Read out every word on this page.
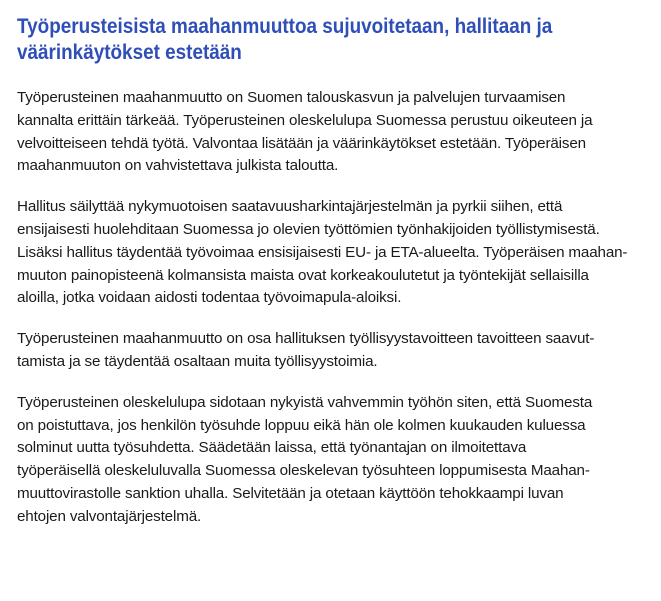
Työperusteisista maahanmuuttoa sujuvoitetaan, hallitaan ja
väärinkäytökset estetään

Työperusteinen maahanmuutto on Suomen talouskasvun ja palvelujen turvaamisen
kannalta erittäin tärkeää. Työperusteinen oleskelulupa Suomessa perustuu oikeuteen ja
velvoitteiseen tehdä työtä. Valvontaa lisätään ja väärinkäytökset estetään. Työperäisen
maahanmuuton on vahvistettava julkista taloutta.

Hallitus säilyttää nykymuotoisen saatavuusharkintajärjestelmän ja pyrkii siihen, että
ensijaisesti huolehditaan Suomessa jo olevien työttömien työnhakijoiden työllistymisestä.
Lisäksi hallitus täydentää työvoimaa ensisijaisesti EU- ja ETA-alueelta. Työperäisen maahan-
muuton painopisteenä kolmansista maista ovat korkeakoulutetut ja työntekijät sellaisilla
aloilla, jotka voidaan aidosti todentaa työvoimapula-aloiksi.

Työperusteinen maahanmuutto on osa hallituksen työllisyystavoitteen tavoitteen saavut-
tamista ja se täydentää osaltaan muita työllisyystoimia.

Työperusteinen oleskelulupa sidotaan nykyistä vahvemmin työhön siten, että Suomesta
on poistuttava, jos henkilön työsuhde loppuu eikä hän ole kolmen kuukauden kuluessa
solminut uutta työsuhdetta. Säädetään laissa, että työnantajan on ilmoitettava
työperäisellä oleskeluluvalla Suomessa oleskelevan työsuhteen loppumisesta Maahan-
muuttovirastolle sanktion uhalla. Selvitetään ja otetaan käyttöön tehokkaampi luvan
ehtojen valvontajärjestelmä.
